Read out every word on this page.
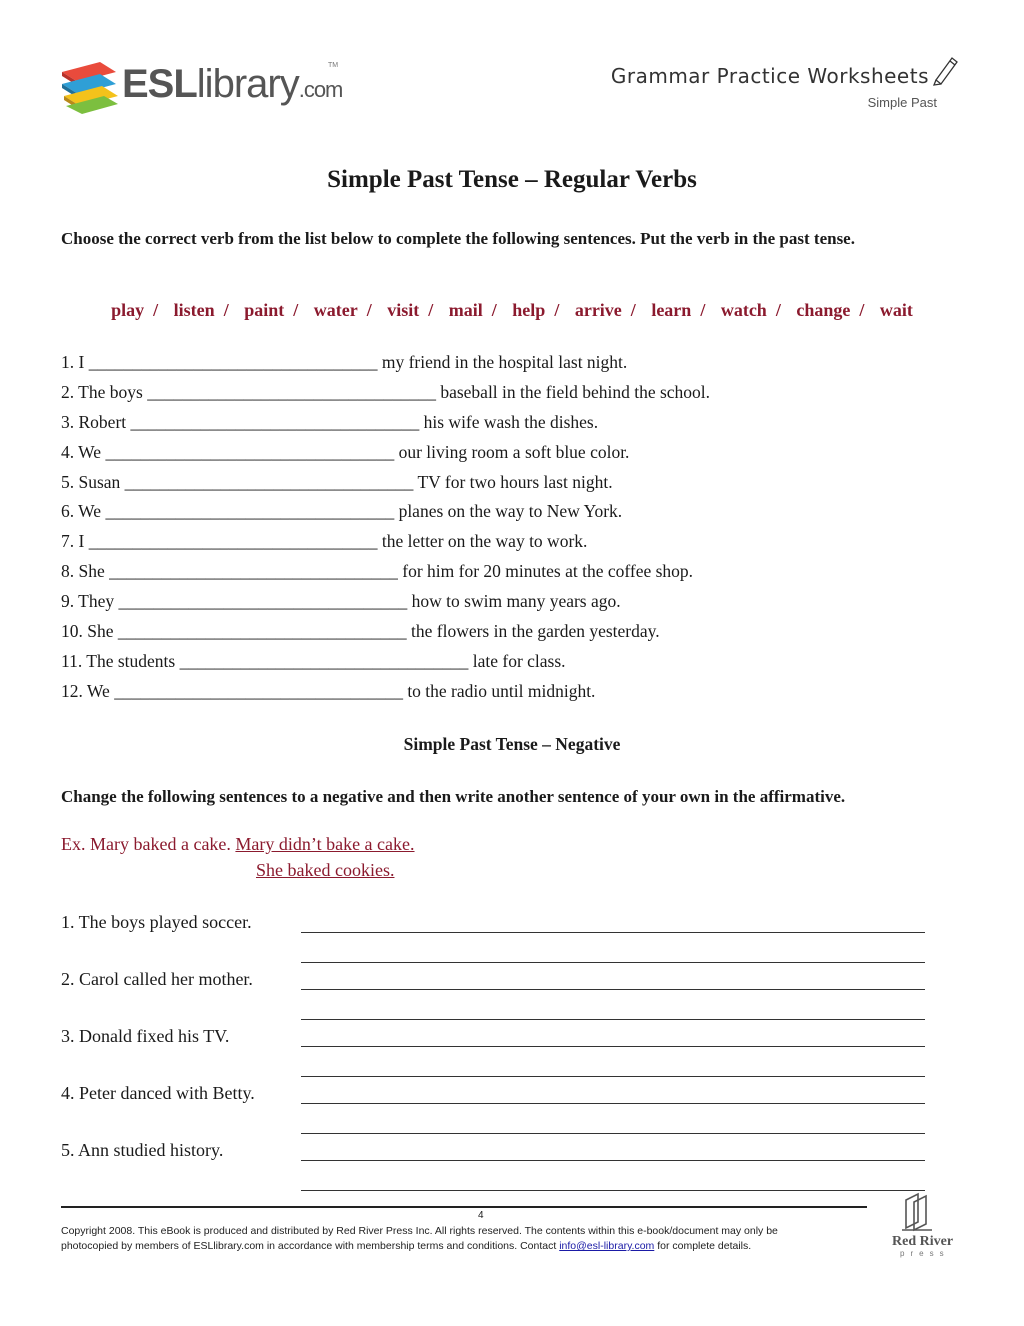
ESLlibrary.com
TM	Grammar Practice Worksheets
Simple Past
Simple Past Tense – Regular Verbs
Choose the correct verb from the list below to complete the following sentences. Put the verb in the past tense.
play / listen / paint / water / visit / mail / help / arrive / learn / watch / change / wait
1. I _________________________________ my friend in the hospital last night.
2. The boys _________________________________ baseball in the field behind the school.
3. Robert _________________________________ his wife wash the dishes.
4. We _________________________________ our living room a soft blue color.
5. Susan _________________________________ TV for two hours last night.
6. We _________________________________ planes on the way to New York.
7. I _________________________________ the letter on the way to work.
8. She _________________________________ for him for 20 minutes at the coffee shop.
9. They _________________________________ how to swim many years ago.
10. She _________________________________ the flowers in the garden yesterday.
11. The students _________________________________ late for class.
12. We _________________________________ to the radio until midnight.
Simple Past Tense – Negative
Change the following sentences to a negative and then write another sentence of your own in the affirmative.
Ex. Mary baked a cake. Mary didn’t bake a cake.
She baked cookies.
1. The boys played soccer.
2. Carol called her mother.
3. Donald fixed his TV.
4. Peter danced with Betty.
5. Ann studied history.
4
Copyright 2008. This eBook is produced and distributed by Red River Press Inc. All rights reserved. The contents within this e-book/document may only be
photocopied by members of ESLlibrary.com in accordance with membership terms and conditions. Contact info@esl-library.com for complete details.	Red River
press
